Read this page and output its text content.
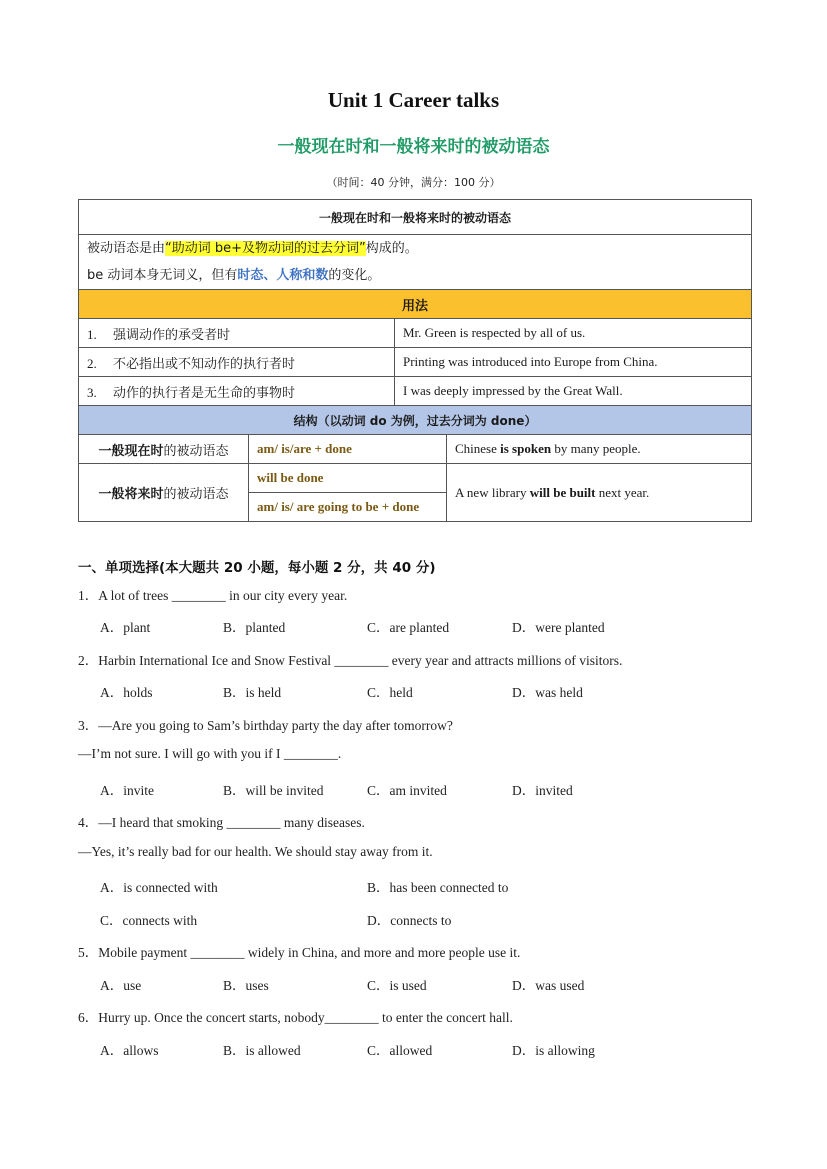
Unit 1 Career talks
一般现在时和一般将来时的被动语态
（时间：40 分钟，满分：100 分）
一般现在时和一般将来时的被动语态			

被动语态是由“助动词 be+及物动词的过去分词”构成的。
be 动词本身无词义，但有时态、人称和数的变化。			

用法			
1. 强调动作的承受者时		Mr. Green is respected by all of us.	
2. 不必指出或不知动作的执行者时		Printing was introduced into Europe from China.	
3. 动作的执行者是无生命的事物时		I was deeply impressed by the Great Wall.	
结构（以动词 do 为例，过去分词为 done）			
一般现在时的被动语态	am/ is/are + done		Chinese is spoken by many people.
一般将来时的被动语态	will be done		A new library will be built next year.
	am/ is/ are going to be + done		
一、单项选择(本大题共 20 小题，每小题 2 分，共 40 分)
1．A lot of trees ________ in our city every year.
A．plant	B．planted	C．are planted	D．were planted
2．Harbin International Ice and Snow Festival ________ every year and attracts millions of visitors.
A．holds	B．is held	C．held	D．was held
3．—Are you going to Sam’s birthday party the day after tomorrow?
—I’m not sure. I will go with you if I ________.
A．invite	B．will be invited	C．am invited	D．invited
4．—I heard that smoking ________ many diseases.
—Yes, it’s really bad for our health. We should stay away from it.
A．is connected with	B．has been connected to
C．connects with	D．connects to
5．Mobile payment ________ widely in China, and more and more people use it.
A．use	B．uses	C．is used	D．was used
6．Hurry up. Once the concert starts, nobody________ to enter the concert hall.
A．allows	B．is allowed	C．allowed	D．is allowing
